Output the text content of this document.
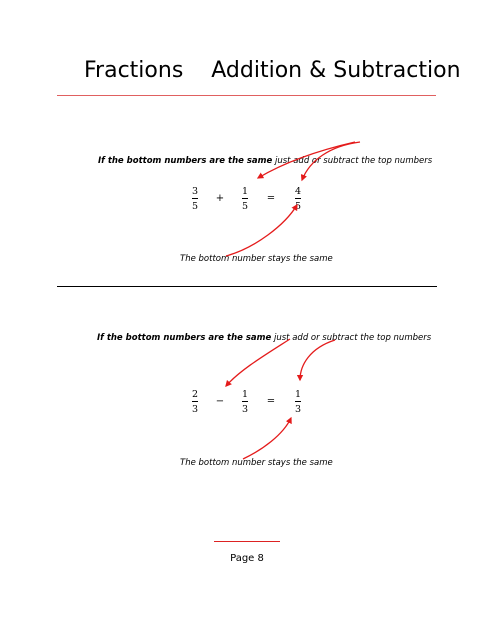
Fractions Addition & Subtraction
If the bottom numbers are the same just add or subtract the top numbers
3
5
+
1
5
=
4
5
The bottom number stays the same
If the bottom numbers are the same just add or subtract the top numbers
2
3
−
1
3
=
1
3
The bottom number stays the same
Page 8
